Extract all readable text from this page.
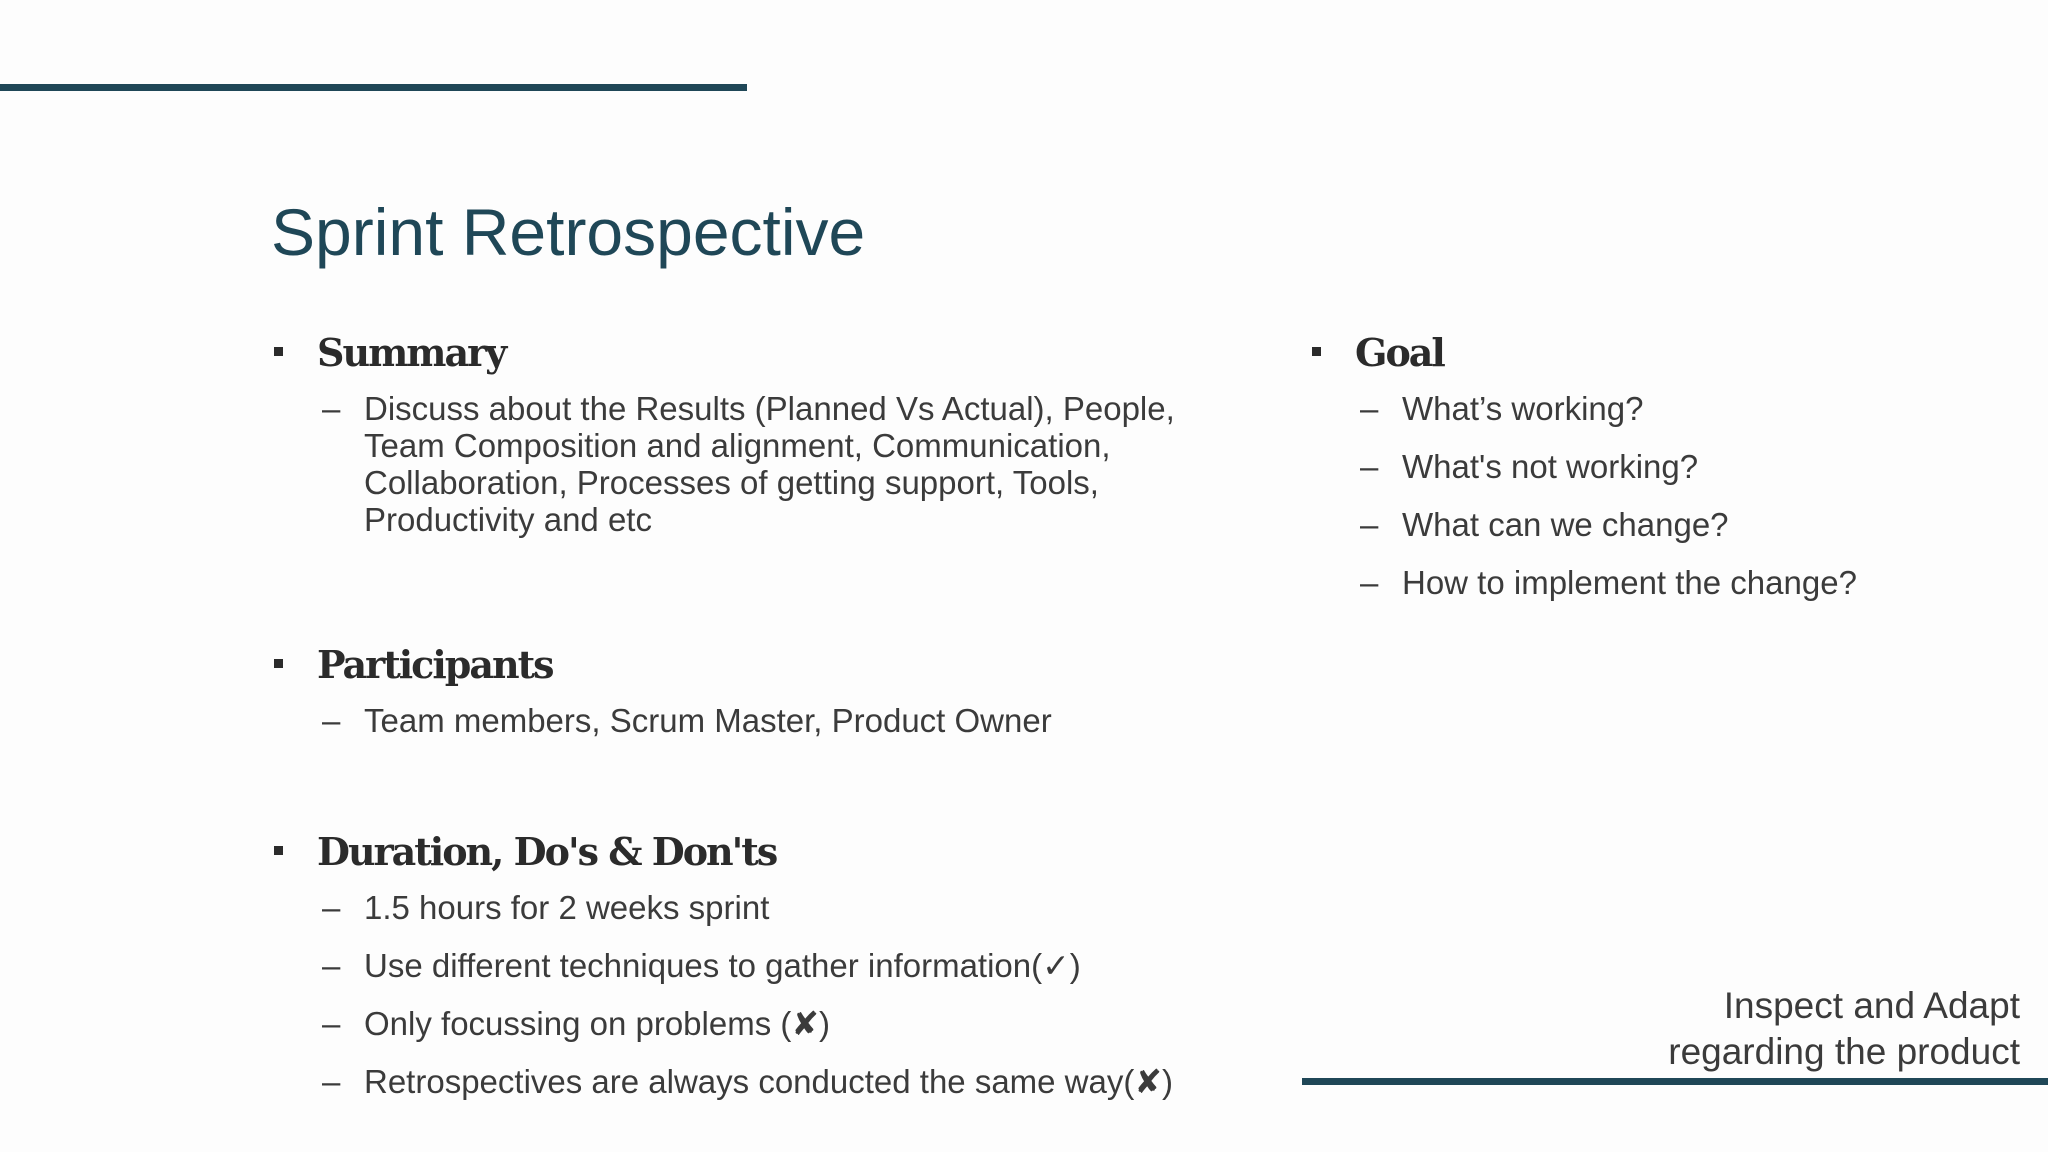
Sprint Retrospective
Summary
– Discuss about the Results (Planned Vs Actual), People, Team Composition and alignment, Communication, Collaboration, Processes of getting support, Tools, Productivity and etc
Participants
– Team members, Scrum Master, Product Owner
Duration, Do's & Don'ts
– 1.5 hours for 2 weeks sprint
– Use different techniques to gather information(✓)
– Only focussing on problems (✘)
– Retrospectives are always conducted the same way(✘)
Goal
– What’s working?
– What's not working?
– What can we change?
– How to implement the change?
Inspect and Adapt
regarding the product
